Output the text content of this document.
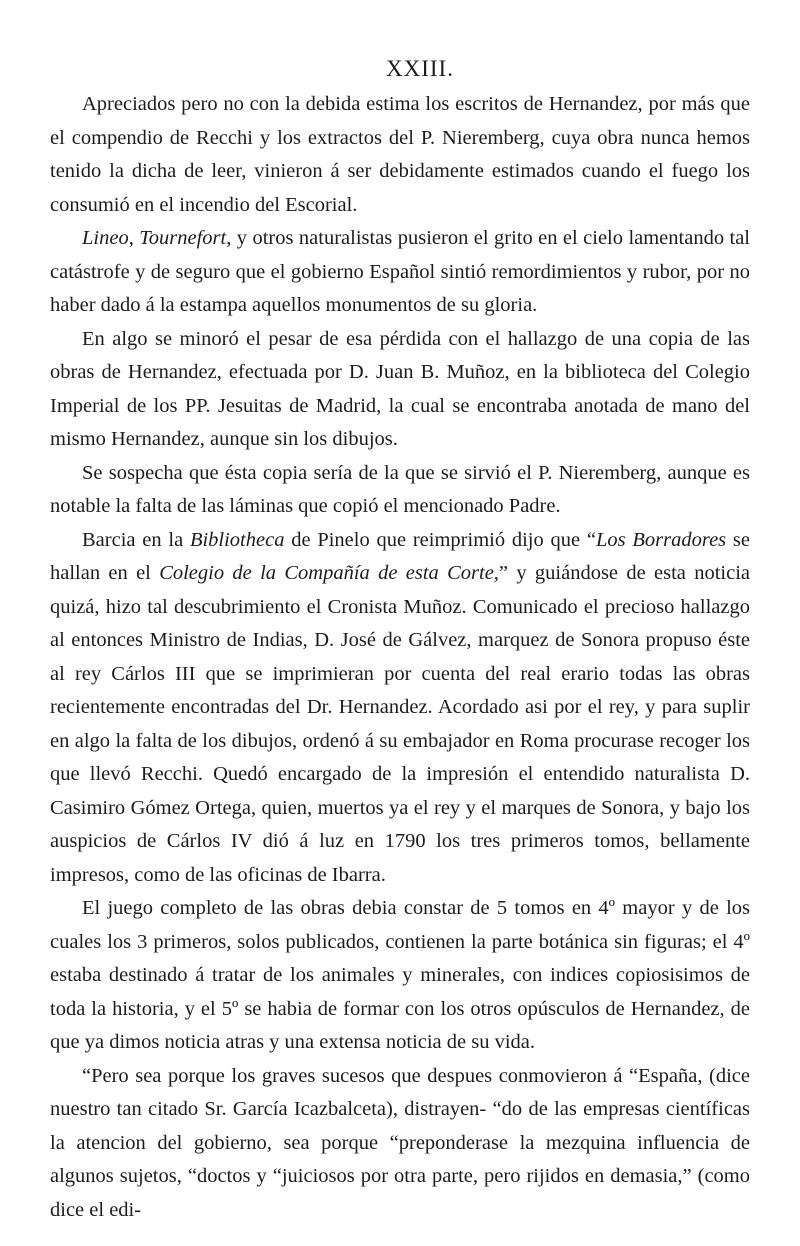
XXIII.

Apreciados pero no con la debida estima los escritos de Hernandez, por más que el compendio de Recchi y los extractos del P. Nieremberg, cuya obra nunca hemos tenido la dicha de leer, vinieron á ser debidamente estimados cuando el fuego los consumió en el incendio del Escorial.

Lineo, Tournefort, y otros naturalistas pusieron el grito en el cielo lamentando tal catástrofe y de seguro que el gobierno Español sintió remordimientos y rubor, por no haber dado á la estampa aquellos monumentos de su gloria.

En algo se minoró el pesar de esa pérdida con el hallazgo de una copia de las obras de Hernandez, efectuada por D. Juan B. Muñoz, en la biblioteca del Colegio Imperial de los PP. Jesuitas de Madrid, la cual se encontraba anotada de mano del mismo Hernandez, aunque sin los dibujos.

Se sospecha que ésta copia sería de la que se sirvió el P. Nieremberg, aunque es notable la falta de las láminas que copió el mencionado Padre.

Barcia en la Bibliotheca de Pinelo que reimprimió dijo que “Los Borradores se hallan en el Colegio de la Compañía de esta Corte,” y guiándose de esta noticia quizá, hizo tal descubrimiento el Cronista Muñoz. Comunicado el precioso hallazgo al entonces Ministro de Indias, D. José de Gálvez, marquez de Sonora propuso éste al rey Cárlos III que se imprimieran por cuenta del real erario todas las obras recientemente encontradas del Dr. Hernandez. Acordado asi por el rey, y para suplir en algo la falta de los dibujos, ordenó á su embajador en Roma procurase recoger los que llevó Recchi. Quedó encargado de la impresión el entendido naturalista D. Casimiro Gómez Ortega, quien, muertos ya el rey y el marques de Sonora, y bajo los auspicios de Cárlos IV dió á luz en 1790 los tres primeros tomos, bellamente impresos, como de las oficinas de Ibarra.

El juego completo de las obras debia constar de 5 tomos en 4º mayor y de los cuales los 3 primeros, solos publicados, contienen la parte botánica sin figuras; el 4º estaba destinado á tratar de los animales y minerales, con indices copiosisimos de toda la historia, y el 5º se habia de formar con los otros opúsculos de Hernandez, de que ya dimos noticia atras y una extensa noticia de su vida.

“Pero sea porque los graves sucesos que despues conmovieron á “España, (dice nuestro tan citado Sr. García Icazbalceta), distrayen- “do de las empresas científicas la atencion del gobierno, sea porque “preponderase la mezquina influencia de algunos sujetos, “doctos y “juiciosos por otra parte, pero rijidos en demasia,” (como dice el edi-
